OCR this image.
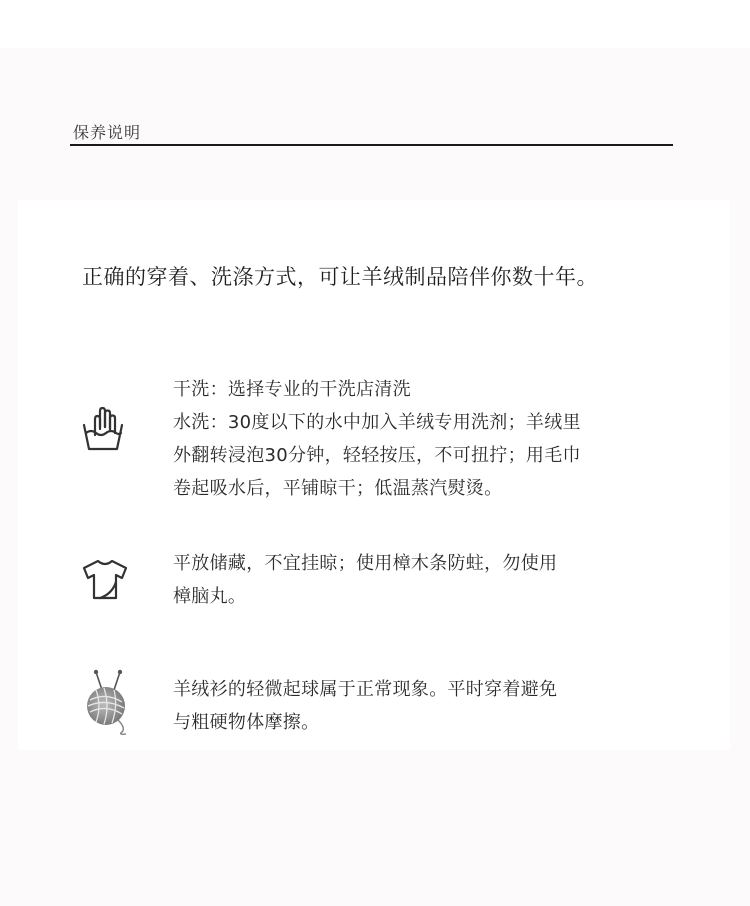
保养说明
正确的穿着、洗涤方式，可让羊绒制品陪伴你数十年。
干洗：选择专业的干洗店清洗
水洗：30度以下的水中加入羊绒专用洗剂；羊绒里
外翻转浸泡30分钟，轻轻按压，不可扭拧；用毛巾
卷起吸水后，平铺晾干；低温蒸汽熨烫。
平放储藏，不宜挂晾；使用樟木条防蛀，勿使用
樟脑丸。
羊绒衫的轻微起球属于正常现象。平时穿着避免
与粗硬物体摩擦。
